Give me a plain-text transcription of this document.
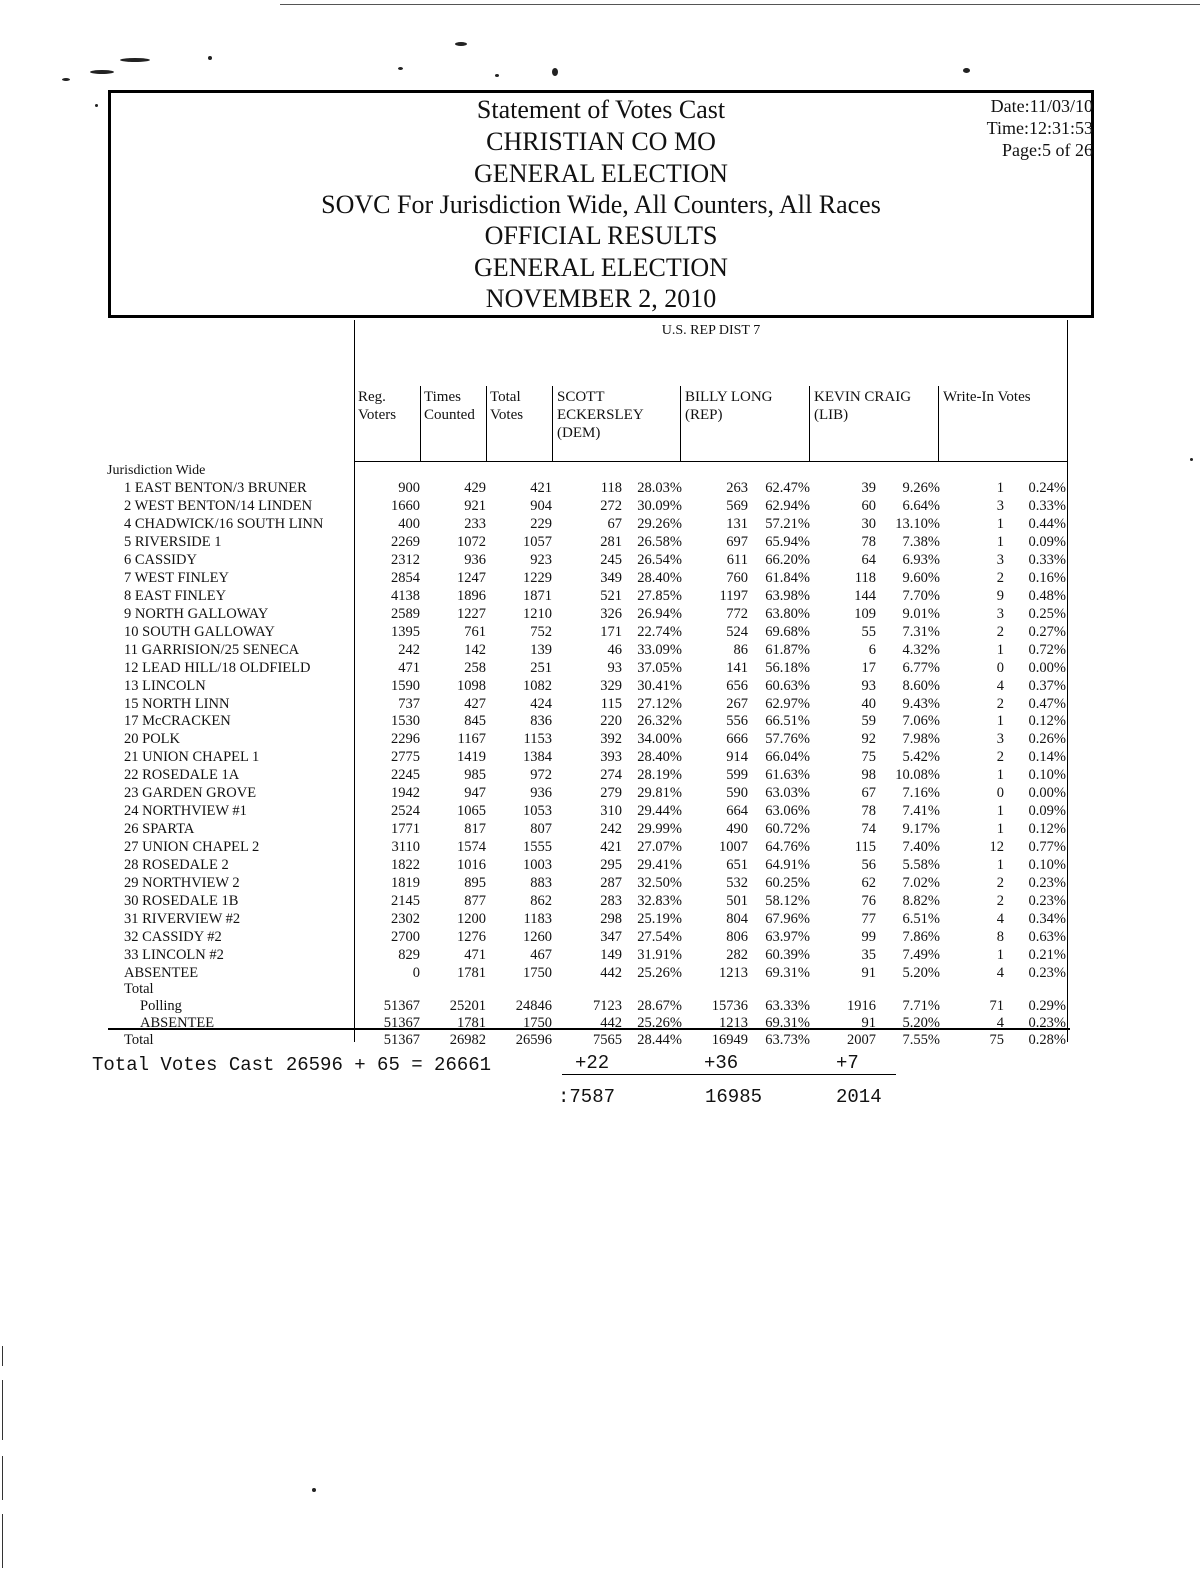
Statement of Votes Cast
CHRISTIAN CO MO
GENERAL ELECTION
SOVC For Jurisdiction Wide, All Counters, All Races
OFFICIAL RESULTS
GENERAL ELECTION
NOVEMBER 2, 2010
Date:11/03/10
Time:12:31:53
Page:5 of 26
U.S. REP DIST 7
Reg. Voters
Times Counted
Total Votes
SCOTT
ECKERSLEY
(DEM)
BILLY LONG
(REP)
KEVIN CRAIG
(LIB)
Write-In Votes
Jurisdiction Wide
1 EAST BENTON/3 BRUNER	900	429	421	118	28.03%	263	62.47%	39	9.26%	1	0.24%
2 WEST BENTON/14 LINDEN	1660	921	904	272	30.09%	569	62.94%	60	6.64%	3	0.33%
4 CHADWICK/16 SOUTH LINN	400	233	229	67	29.26%	131	57.21%	30	13.10%	1	0.44%
5 RIVERSIDE 1	2269	1072	1057	281	26.58%	697	65.94%	78	7.38%	1	0.09%
6 CASSIDY	2312	936	923	245	26.54%	611	66.20%	64	6.93%	3	0.33%
7 WEST FINLEY	2854	1247	1229	349	28.40%	760	61.84%	118	9.60%	2	0.16%
8 EAST FINLEY	4138	1896	1871	521	27.85%	1197	63.98%	144	7.70%	9	0.48%
9 NORTH GALLOWAY	2589	1227	1210	326	26.94%	772	63.80%	109	9.01%	3	0.25%
10 SOUTH GALLOWAY	1395	761	752	171	22.74%	524	69.68%	55	7.31%	2	0.27%
11 GARRISION/25 SENECA	242	142	139	46	33.09%	86	61.87%	6	4.32%	1	0.72%
12 LEAD HILL/18 OLDFIELD	471	258	251	93	37.05%	141	56.18%	17	6.77%	0	0.00%
13 LINCOLN	1590	1098	1082	329	30.41%	656	60.63%	93	8.60%	4	0.37%
15 NORTH LINN	737	427	424	115	27.12%	267	62.97%	40	9.43%	2	0.47%
17 McCRACKEN	1530	845	836	220	26.32%	556	66.51%	59	7.06%	1	0.12%
20 POLK	2296	1167	1153	392	34.00%	666	57.76%	92	7.98%	3	0.26%
21 UNION CHAPEL 1	2775	1419	1384	393	28.40%	914	66.04%	75	5.42%	2	0.14%
22 ROSEDALE 1A	2245	985	972	274	28.19%	599	61.63%	98	10.08%	1	0.10%
23 GARDEN GROVE	1942	947	936	279	29.81%	590	63.03%	67	7.16%	0	0.00%
24 NORTHVIEW #1	2524	1065	1053	310	29.44%	664	63.06%	78	7.41%	1	0.09%
26 SPARTA	1771	817	807	242	29.99%	490	60.72%	74	9.17%	1	0.12%
27 UNION CHAPEL 2	3110	1574	1555	421	27.07%	1007	64.76%	115	7.40%	12	0.77%
28 ROSEDALE 2	1822	1016	1003	295	29.41%	651	64.91%	56	5.58%	1	0.10%
29 NORTHVIEW 2	1819	895	883	287	32.50%	532	60.25%	62	7.02%	2	0.23%
30 ROSEDALE 1B	2145	877	862	283	32.83%	501	58.12%	76	8.82%	2	0.23%
31 RIVERVIEW #2	2302	1200	1183	298	25.19%	804	67.96%	77	6.51%	4	0.34%
32 CASSIDY #2	2700	1276	1260	347	27.54%	806	63.97%	99	7.86%	8	0.63%
33 LINCOLN #2	829	471	467	149	31.91%	282	60.39%	35	7.49%	1	0.21%
ABSENTEE	0	1781	1750	442	25.26%	1213	69.31%	91	5.20%	4	0.23%
Polling	51367	25201	24846	7123	28.67%	15736	63.33%	1916	7.71%	71	0.29%
ABSENTEE	51367	1781	1750	442	25.26%	1213	69.31%	91	5.20%	4	0.23%
Total	51367	26982	26596	7565	28.44%	16949	63.73%	2007	7.55%	75	0.28%
Total
Total Votes Cast 26596 + 65 = 26661	+22	+36	+7
:7587	16985	2014
